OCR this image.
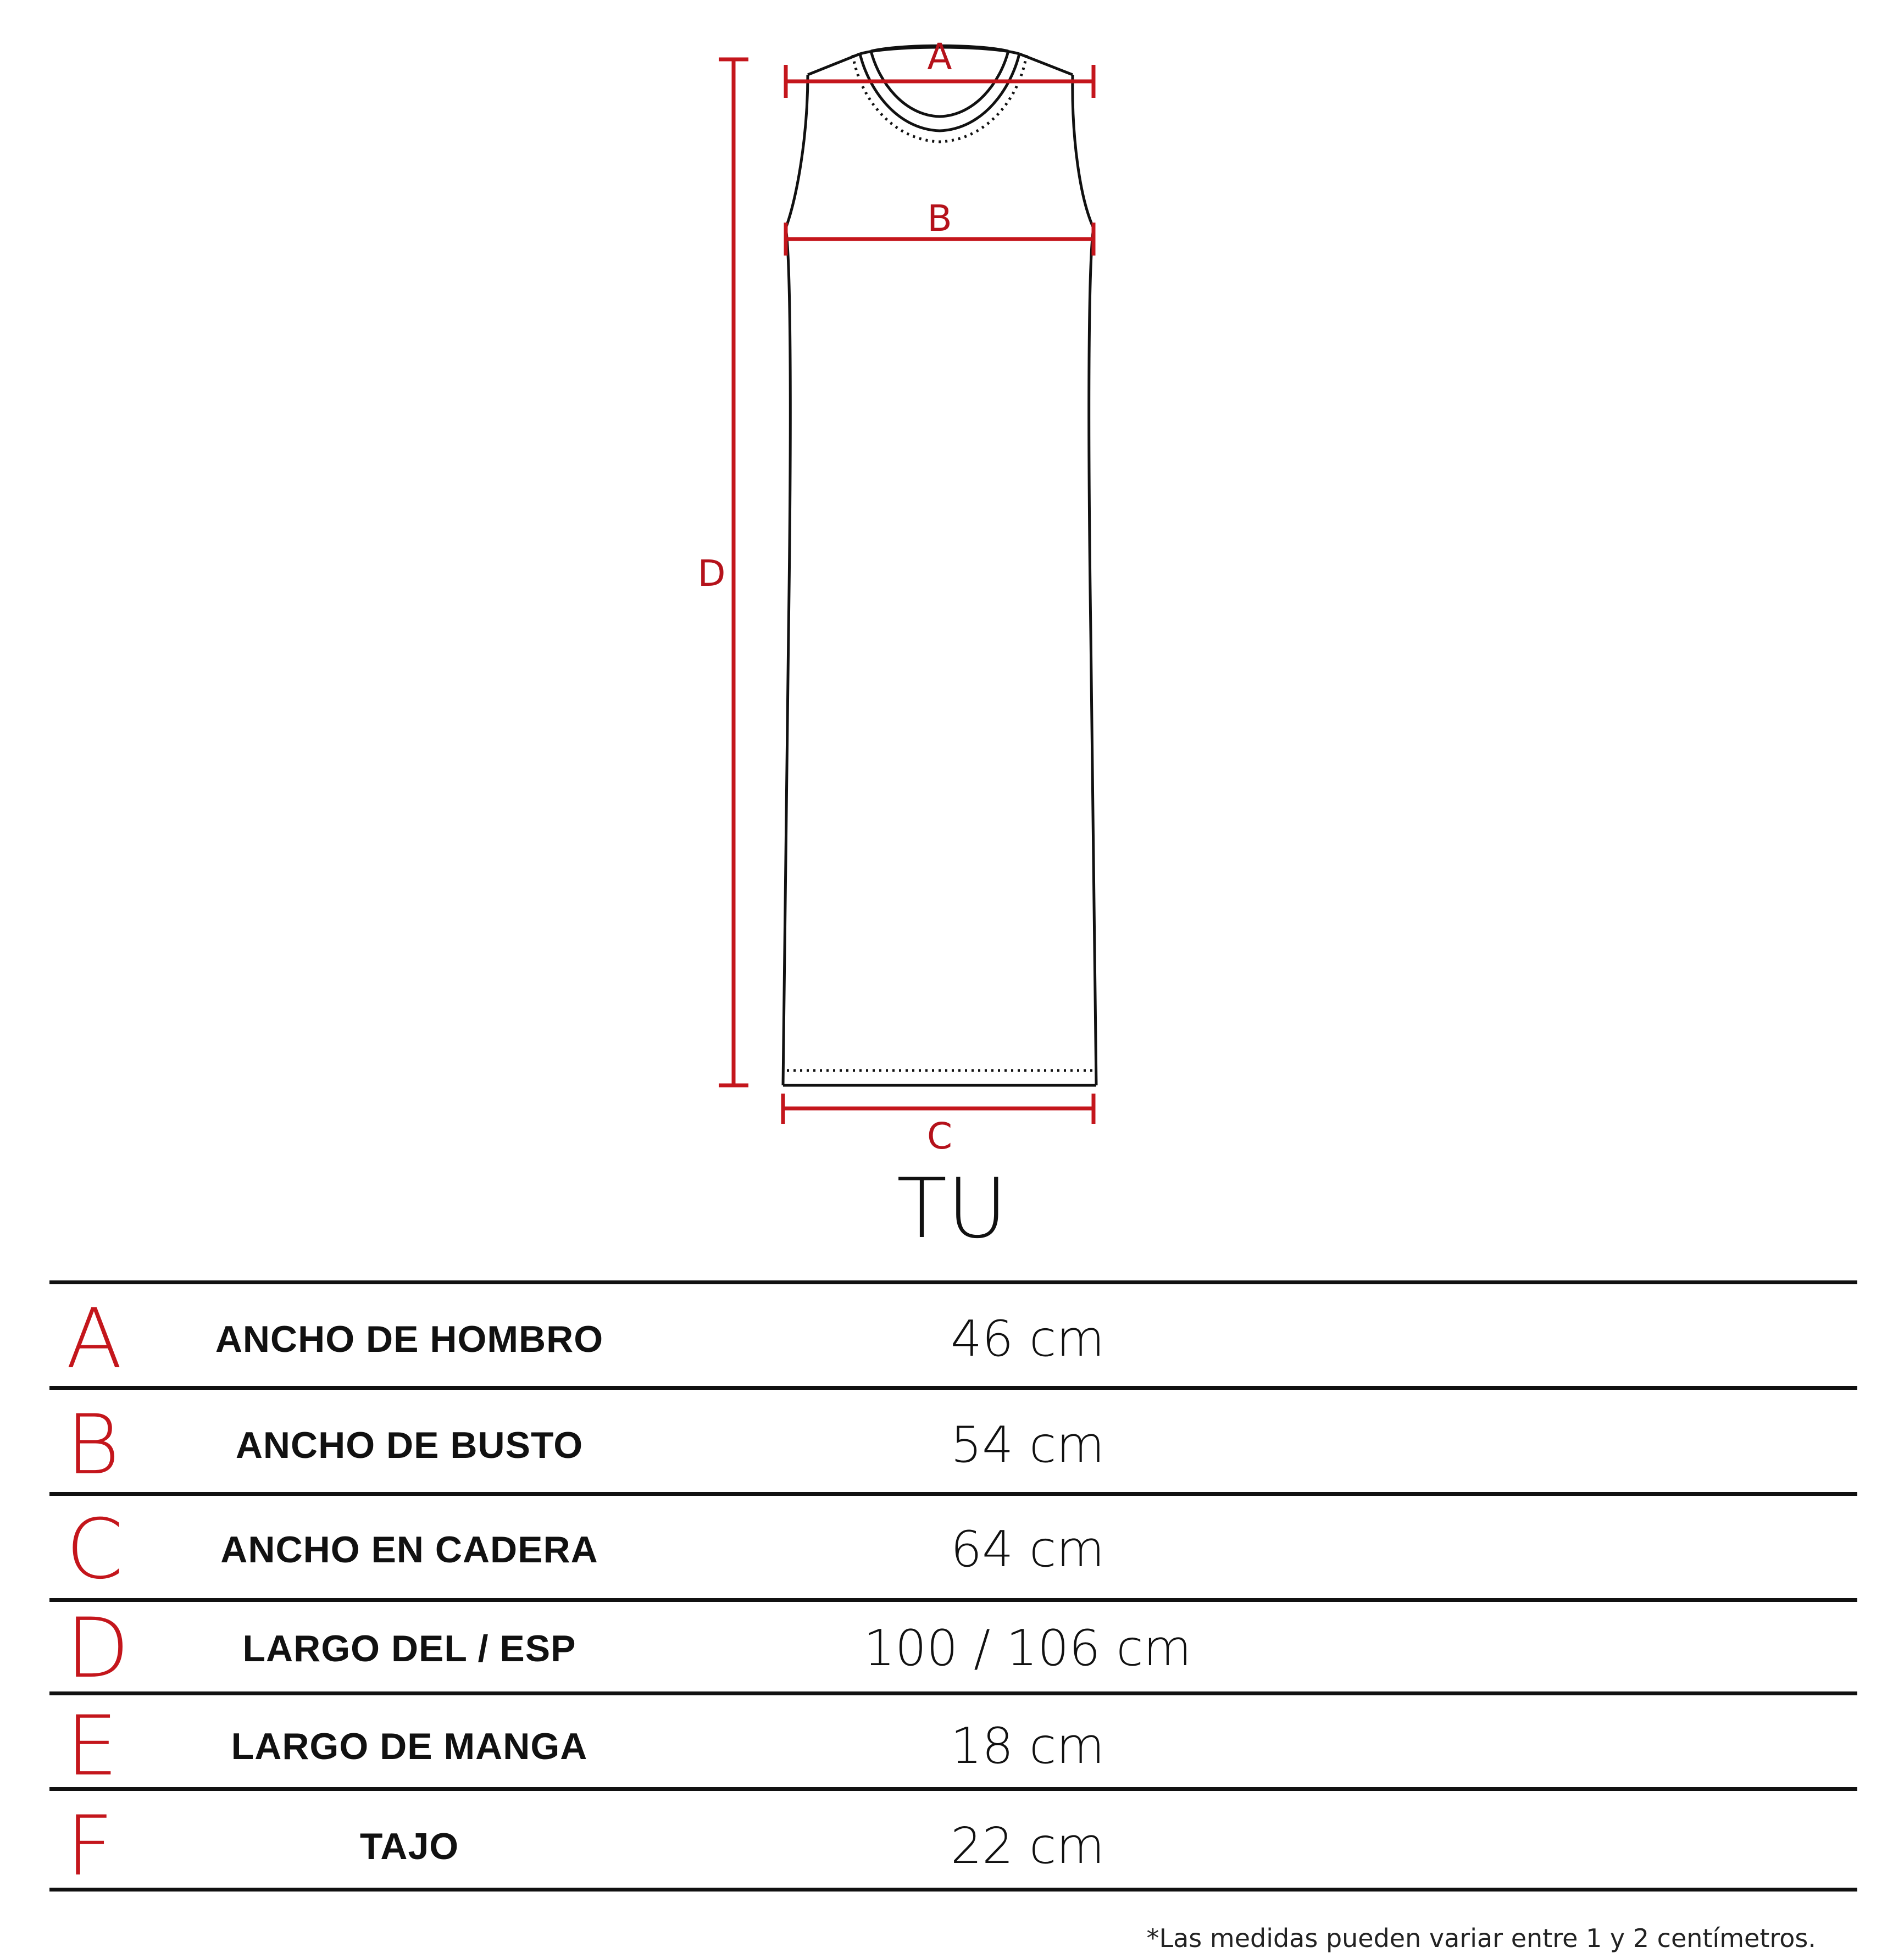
A
B
C
D
TU
A	ANCHO DE HOMBRO	46 cm
B	ANCHO DE BUSTO	54 cm
C	ANCHO EN CADERA	64 cm
D	LARGO DEL / ESP	100 / 106 cm
E	LARGO DE MANGA	18 cm
F	TAJO	22 cm
*Las medidas pueden variar entre 1 y 2 centímetros.
